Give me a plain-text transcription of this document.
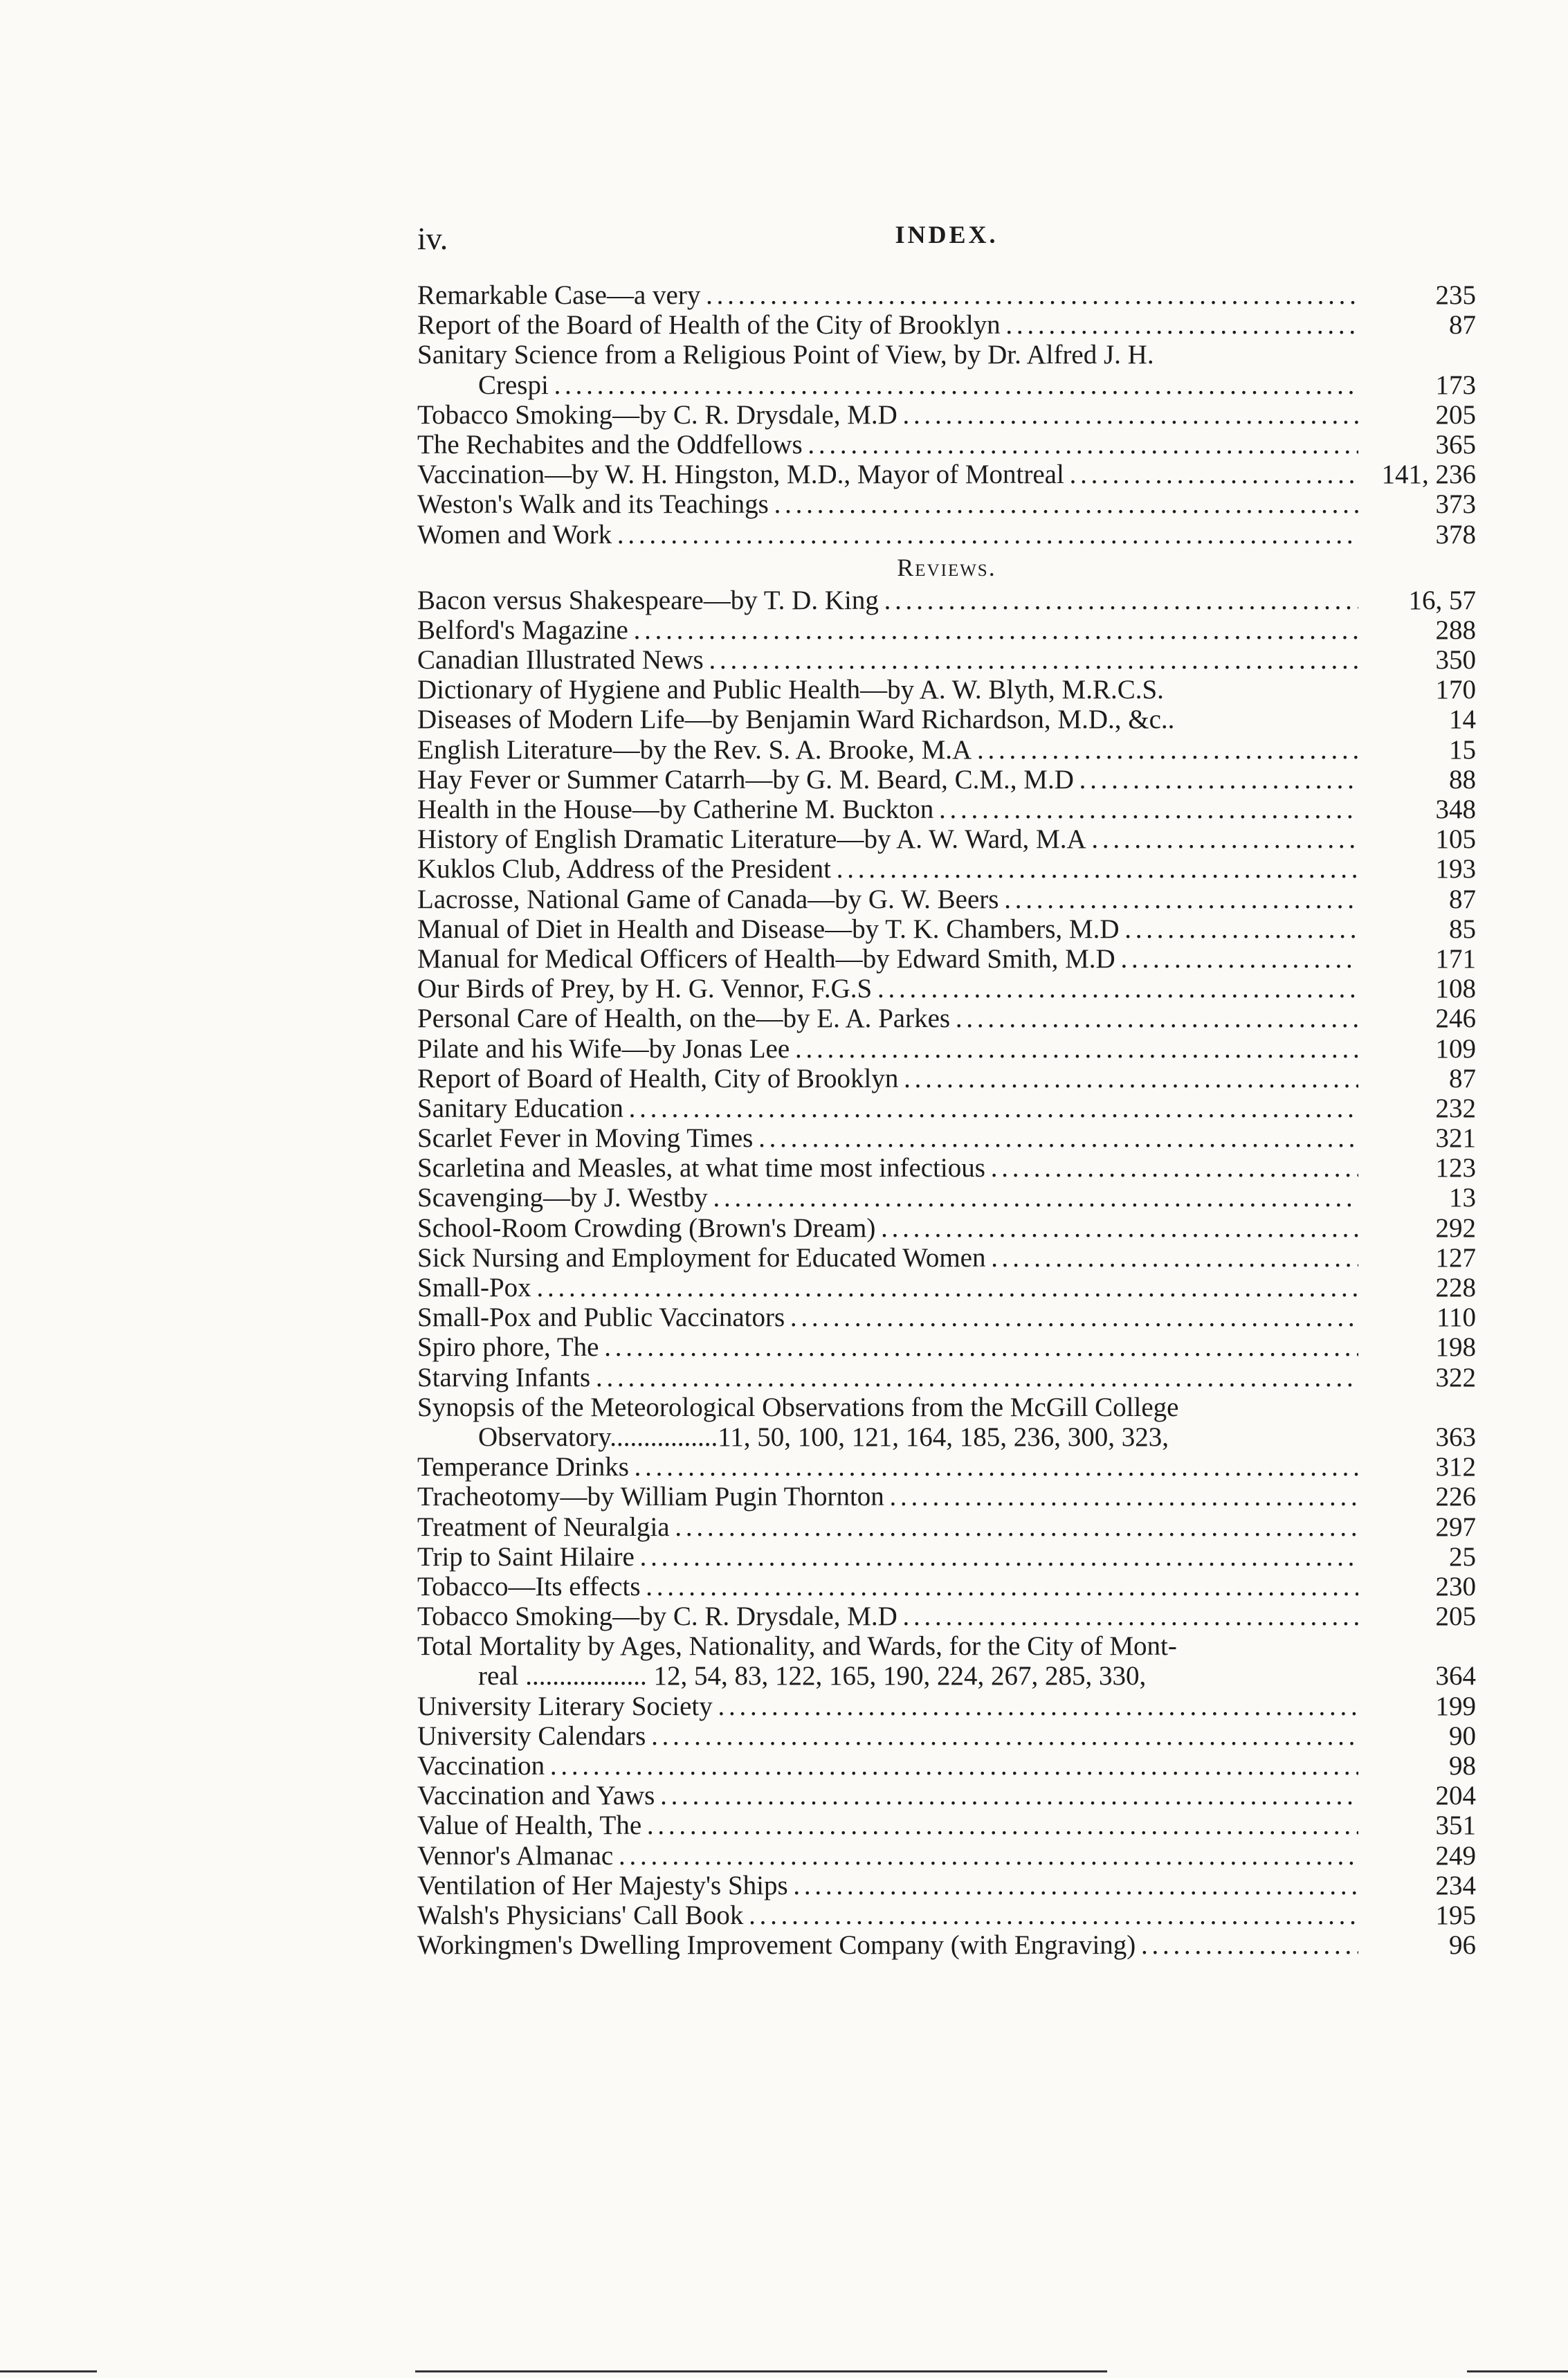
iv.	INDEX.
Remarkable Case—a very . . .	235
Report of the Board of Health of the City of Brooklyn . . .	87
Sanitary Science from a Religious Point of View, by Dr. Alfred J. H.
Crespi . . .	173
Tobacco Smoking—by C. R. Drysdale, M.D . . .	205
The Rechabites and the Oddfellows . . .	365
Vaccination—by W. H. Hingston, M.D., Mayor of Montreal . . .	141, 236
Weston's Walk and its Teachings . . .	373
Women and Work . . .	378
Reviews.
Bacon versus Shakespeare—by T. D. King . . .	16, 57
Belford's Magazine . . .	288
Canadian Illustrated News . . .	350
Dictionary of Hygiene and Public Health—by A. W. Blyth, M.R.C.S.	170
Diseases of Modern Life—by Benjamin Ward Richardson, M.D., &c..	14
English Literature—by the Rev. S. A. Brooke, M.A . . .	15
Hay Fever or Summer Catarrh—by G. M. Beard, C.M., M.D . . .	88
Health in the House—by Catherine M. Buckton . . .	348
History of English Dramatic Literature—by A. W. Ward, M.A . . .	105
Kuklos Club, Address of the President . . .	193
Lacrosse, National Game of Canada—by G. W. Beers . . .	87
Manual of Diet in Health and Disease—by T. K. Chambers, M.D . . .	85
Manual for Medical Officers of Health—by Edward Smith, M.D . . .	171
Our Birds of Prey, by H. G. Vennor, F.G.S . . .	108
Personal Care of Health, on the—by E. A. Parkes . . .	246
Pilate and his Wife—by Jonas Lee . . .	109
Report of Board of Health, City of Brooklyn . . .	87
Sanitary Education . . .	232
Scarlet Fever in Moving Times . . .	321
Scarletina and Measles, at what time most infectious . . .	123
Scavenging—by J. Westby . . .	13
School-Room Crowding (Brown's Dream) . . .	292
Sick Nursing and Employment for Educated Women . . .	127
Small-Pox . . .	228
Small-Pox and Public Vaccinators . . .	110
Spiro phore, The . . .	198
Starving Infants . . .	322
Synopsis of the Meteorological Observations from the McGill College
Observatory................11, 50, 100, 121, 164, 185, 236, 300, 323,	363
Temperance Drinks . . .	312
Tracheotomy—by William Pugin Thornton . . .	226
Treatment of Neuralgia . . .	297
Trip to Saint Hilaire . . .	25
Tobacco—Its effects . . .	230
Tobacco Smoking—by C. R. Drysdale, M.D . . .	205
Total Mortality by Ages, Nationality, and Wards, for the City of Mont-
real .................. 12, 54, 83, 122, 165, 190, 224, 267, 285, 330,	364
University Literary Society . . .	199
University Calendars . . .	90
Vaccination . . .	98
Vaccination and Yaws . . .	204
Value of Health, The . . .	351
Vennor's Almanac . . .	249
Ventilation of Her Majesty's Ships . . .	234
Walsh's Physicians' Call Book . . .	195
Workingmen's Dwelling Improvement Company (with Engraving) . . .	96
